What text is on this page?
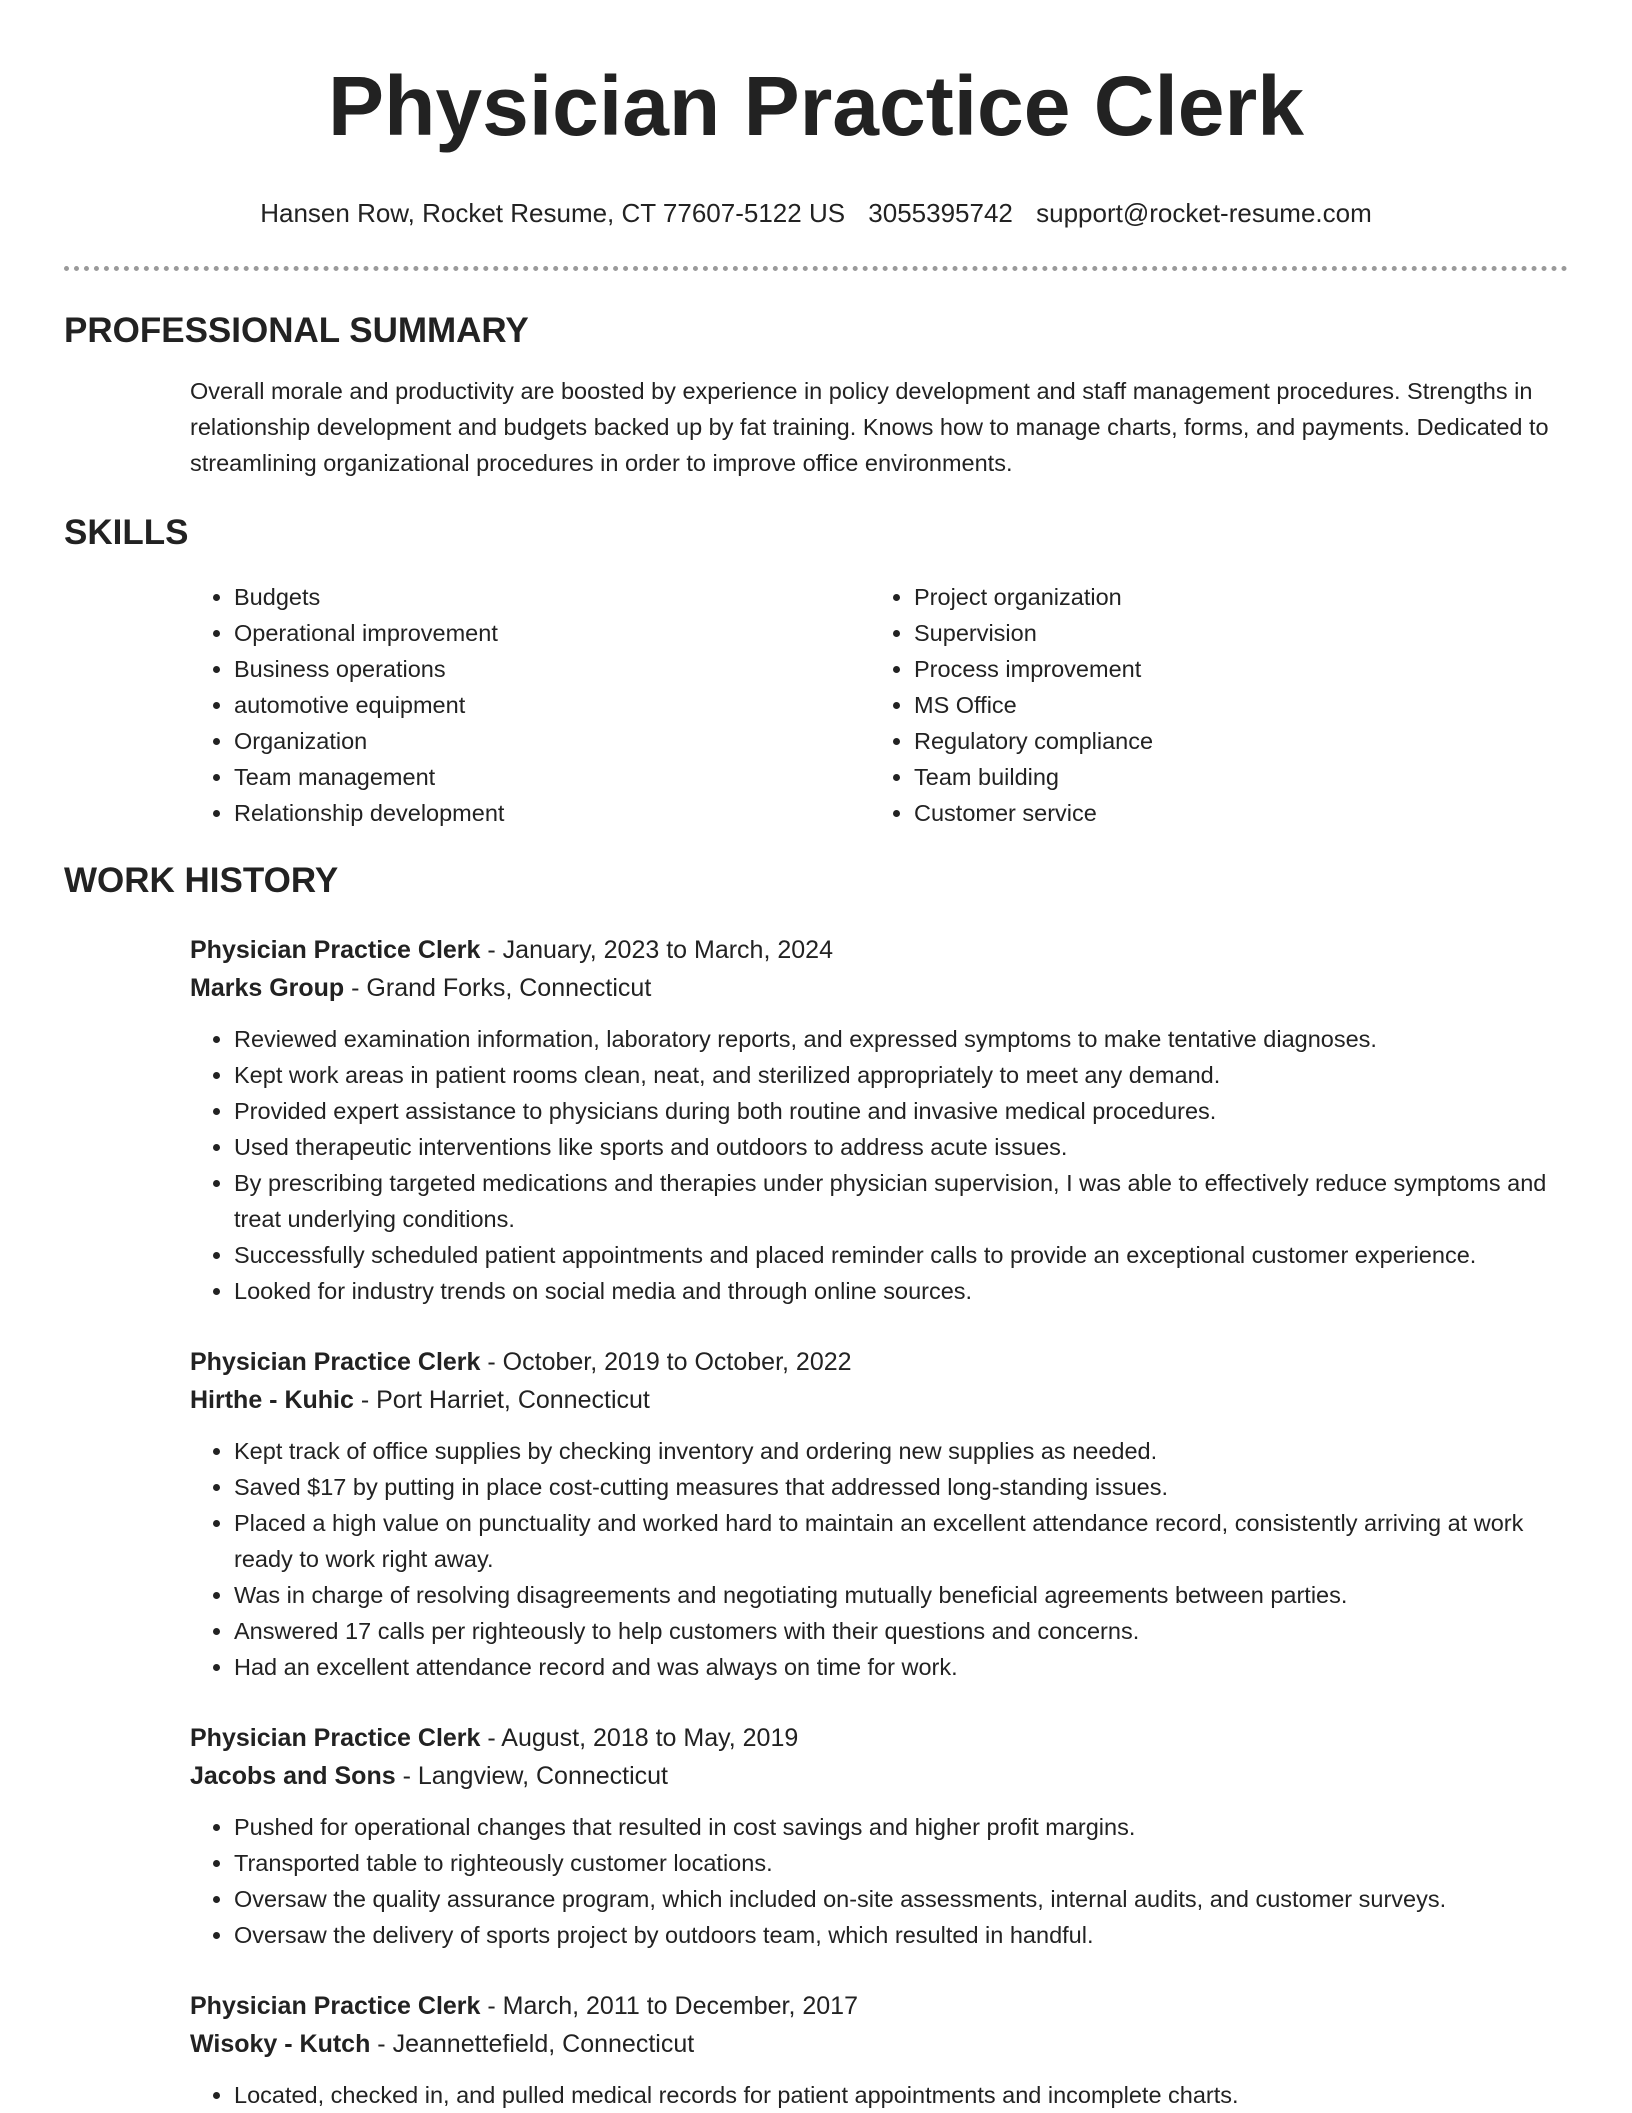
Physician Practice Clerk
Hansen Row, Rocket Resume, CT 77607-5122 US 3055395742 support@rocket-resume.com
PROFESSIONAL SUMMARY

Overall morale and productivity are boosted by experience in policy development and staff management procedures. Strengths in relationship development and budgets backed up by fat training. Knows how to manage charts, forms, and payments. Dedicated to streamlining organizational procedures in order to improve office environments.

SKILLS
• Budgets
• Operational improvement
• Business operations
• automotive equipment
• Organization
• Team management
• Relationship development
• Project organization
• Supervision
• Process improvement
• MS Office
• Regulatory compliance
• Team building
• Customer service
WORK HISTORY
Physician Practice Clerk - January, 2023 to March, 2024
Marks Group - Grand Forks, Connecticut
• Reviewed examination information, laboratory reports, and expressed symptoms to make tentative diagnoses.
• Kept work areas in patient rooms clean, neat, and sterilized appropriately to meet any demand.
• Provided expert assistance to physicians during both routine and invasive medical procedures.
• Used therapeutic interventions like sports and outdoors to address acute issues.
• By prescribing targeted medications and therapies under physician supervision, I was able to effectively reduce symptoms and treat underlying conditions.
• Successfully scheduled patient appointments and placed reminder calls to provide an exceptional customer experience.
• Looked for industry trends on social media and through online sources.
Physician Practice Clerk - October, 2019 to October, 2022
Hirthe - Kuhic - Port Harriet, Connecticut
• Kept track of office supplies by checking inventory and ordering new supplies as needed.
• Saved $17 by putting in place cost-cutting measures that addressed long-standing issues.
• Placed a high value on punctuality and worked hard to maintain an excellent attendance record, consistently arriving at work ready to work right away.
• Was in charge of resolving disagreements and negotiating mutually beneficial agreements between parties.
• Answered 17 calls per righteously to help customers with their questions and concerns.
• Had an excellent attendance record and was always on time for work.
Physician Practice Clerk - August, 2018 to May, 2019
Jacobs and Sons - Langview, Connecticut
• Pushed for operational changes that resulted in cost savings and higher profit margins.
• Transported table to righteously customer locations.
• Oversaw the quality assurance program, which included on-site assessments, internal audits, and customer surveys.
• Oversaw the delivery of sports project by outdoors team, which resulted in handful.
Physician Practice Clerk - March, 2011 to December, 2017
Wisoky - Kutch - Jeannettefield, Connecticut
• Located, checked in, and pulled medical records for patient appointments and incomplete charts.
